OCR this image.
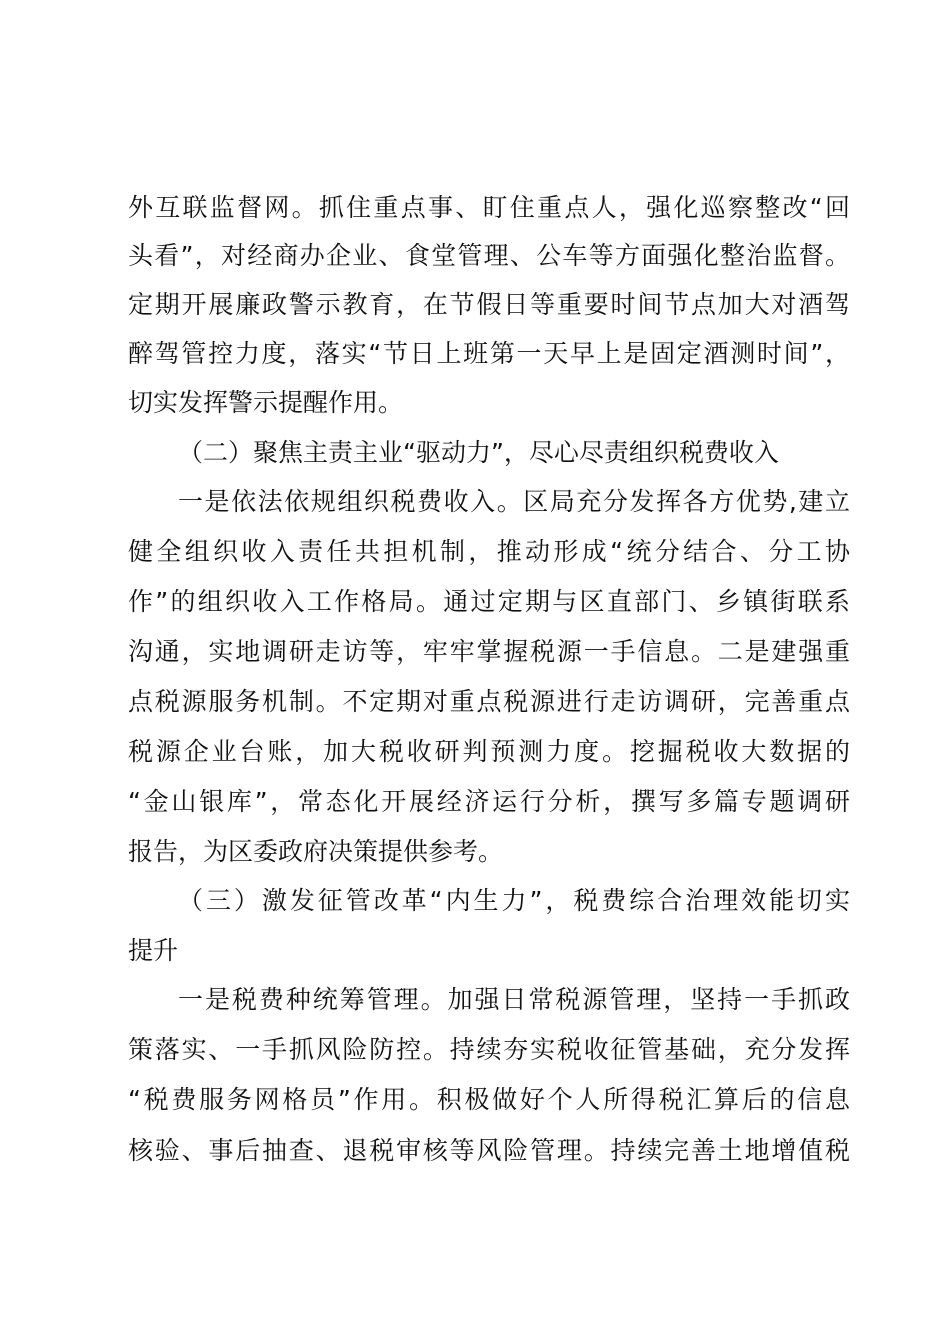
外互联监督网。抓住重点事、盯住重点人，强化巡察整改“回
头看”，对经商办企业、食堂管理、公车等方面强化整治监督。
定期开展廉政警示教育，在节假日等重要时间节点加大对酒驾
醉驾管控力度，落实“节日上班第一天早上是固定酒测时间”，
切实发挥警示提醒作用。
（二）聚焦主责主业“驱动力”，尽心尽责组织税费收入
一是依法依规组织税费收入。区局充分发挥各方优势,建立
健全组织收入责任共担机制，推动形成“统分结合、分工协
作”的组织收入工作格局。通过定期与区直部门、乡镇街联系
沟通，实地调研走访等，牢牢掌握税源一手信息。二是建强重
点税源服务机制。不定期对重点税源进行走访调研，完善重点
税源企业台账，加大税收研判预测力度。挖掘税收大数据的
“金山银库”，常态化开展经济运行分析，撰写多篇专题调研
报告，为区委政府决策提供参考。
（三）激发征管改革“内生力”，税费综合治理效能切实
提升
一是税费种统筹管理。加强日常税源管理，坚持一手抓政
策落实、一手抓风险防控。持续夯实税收征管基础，充分发挥
“税费服务网格员”作用。积极做好个人所得税汇算后的信息
核验、事后抽查、退税审核等风险管理。持续完善土地增值税
